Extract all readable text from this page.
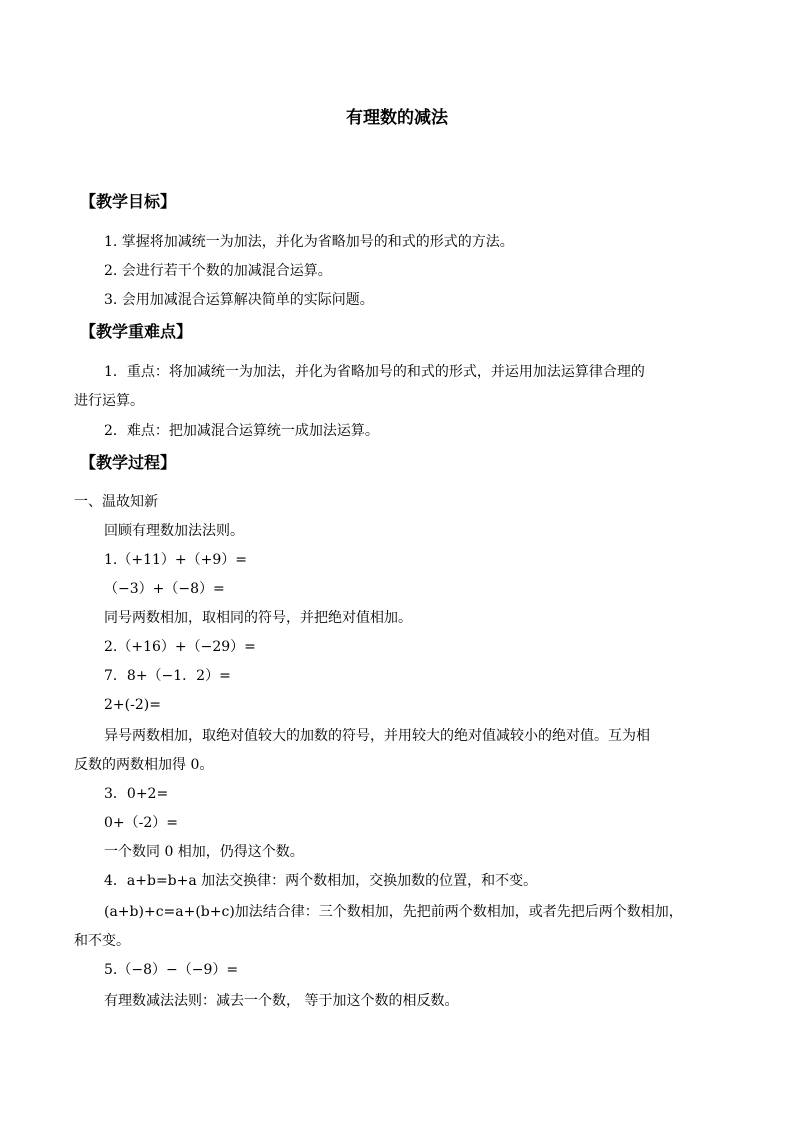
有理数的减法
【教学目标】
1. 掌握将加减统一为加法，并化为省略加号的和式的形式的方法。
2. 会进行若干个数的加减混合运算。
3. 会用加减混合运算解决简单的实际问题。
【教学重难点】
1．重点：将加减统一为加法，并化为省略加号的和式的形式，并运用加法运算律合理的
进行运算。
2．难点：把加减混合运算统一成加法运算。
【教学过程】
一、温故知新
回顾有理数加法法则。
1.（+11）+（+9）=
（−3）+（−8）=
同号两数相加，取相同的符号，并把绝对值相加。
2.（+16）+（−29）=
7．8+（−1．2）=
2+(-2)=
异号两数相加，取绝对值较大的加数的符号，并用较大的绝对值减较小的绝对值。互为相
反数的两数相加得 0。
3．0+2=
0+（-2）=
一个数同 0 相加，仍得这个数。
4．a+b=b+a 加法交换律：两个数相加，交换加数的位置，和不变。
(a+b)+c=a+(b+c)加法结合律：三个数相加，先把前两个数相加，或者先把后两个数相加，
和不变。
5.（−8）−（−9）=
有理数减法法则：减去一个数， 等于加这个数的相反数。
